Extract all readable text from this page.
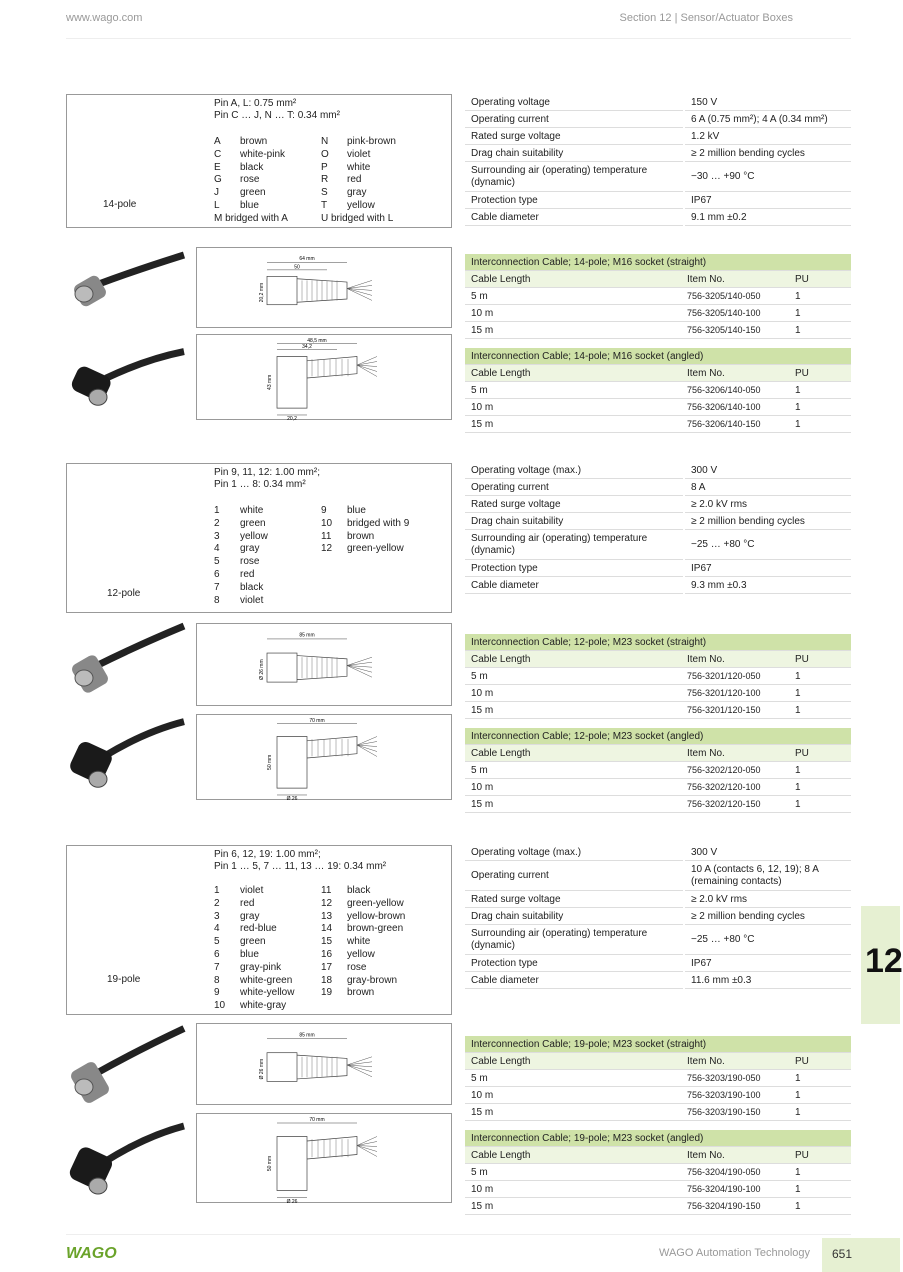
www.wago.com	Section 12 | Sensor/Actuator Boxes
14-pole
Pin A, L: 0.75 mm²
Pin C … J, N … T: 0.34 mm²
A	brown	N	pink-brown
C	white-pink	O	violet
E	black	P	white
G	rose	R	red
J	green	S	gray
L	blue	T	yellow
M bridged with A	U bridged with L
Operating voltage	150 V
Operating current	6 A (0.75 mm²); 4 A (0.34 mm²)
Rated surge voltage	1.2 kV
Drag chain suitability	≥ 2 million bending cycles
Surrounding air (operating) temperature (dynamic)	−30 … +90 °C
Protection type	IP67
Cable diameter	9.1 mm ±0.2
Interconnection Cable; 14-pole; M16 socket (straight)		
Cable Length	Item No.	PU
5 m	756-3205/140-050	1
10 m	756-3205/140-100	1
15 m	756-3205/140-150	1
Interconnection Cable; 14-pole; M16 socket (angled)		
Cable Length	Item No.	PU
5 m	756-3206/140-050	1
10 m	756-3206/140-100	1
15 m	756-3206/140-150	1
64 mm
50
20,2 mm
48,5 mm
34,2
43 mm
20,2
12-pole
Pin 9, 11, 12: 1.00 mm²;
Pin 1 … 8: 0.34 mm²
1	white	9	blue
2	green	10	bridged with 9
3	yellow	11	brown
4	gray	12	green-yellow
5	rose
6	red
7	black
8	violet
Operating voltage (max.)	300 V
Operating current	8 A
Rated surge voltage	≥ 2.0 kV rms
Drag chain suitability	≥ 2 million bending cycles
Surrounding air (operating) temperature (dynamic)	−25 … +80 °C
Protection type	IP67
Cable diameter	9.3 mm ±0.3
Interconnection Cable; 12-pole; M23 socket (straight)		
Cable Length	Item No.	PU
5 m	756-3201/120-050	1
10 m	756-3201/120-100	1
15 m	756-3201/120-150	1
Interconnection Cable; 12-pole; M23 socket (angled)		
Cable Length	Item No.	PU
5 m	756-3202/120-050	1
10 m	756-3202/120-100	1
15 m	756-3202/120-150	1
85 mm
Ø 26 mm
70 mm
50 mm
Ø 26
19-pole
Pin 6, 12, 19: 1.00 mm²;
Pin 1 … 5, 7 … 11, 13 … 19: 0.34 mm²
1	violet	11	black
2	red	12	green-yellow
3	gray	13	yellow-brown
4	red-blue	14	brown-green
5	green	15	white
6	blue	16	yellow
7	gray-pink	17	rose
8	white-green	18	gray-brown
9	white-yellow	19	brown
10	white-gray
Operating voltage (max.)	300 V
Operating current	10 A (contacts 6, 12, 19); 8 A (remaining contacts)
Rated surge voltage	≥ 2.0 kV rms
Drag chain suitability	≥ 2 million bending cycles
Surrounding air (operating) temperature (dynamic)	−25 … +80 °C
Protection type	IP67
Cable diameter	11.6 mm ±0.3
Interconnection Cable; 19-pole; M23 socket (straight)		
Cable Length	Item No.	PU
5 m	756-3203/190-050	1
10 m	756-3203/190-100	1
15 m	756-3203/190-150	1
Interconnection Cable; 19-pole; M23 socket (angled)		
Cable Length	Item No.	PU
5 m	756-3204/190-050	1
10 m	756-3204/190-100	1
15 m	756-3204/190-150	1
85 mm
Ø 26 mm
70 mm
50 mm
Ø 26
12
WAGO	WAGO Automation Technology 651
